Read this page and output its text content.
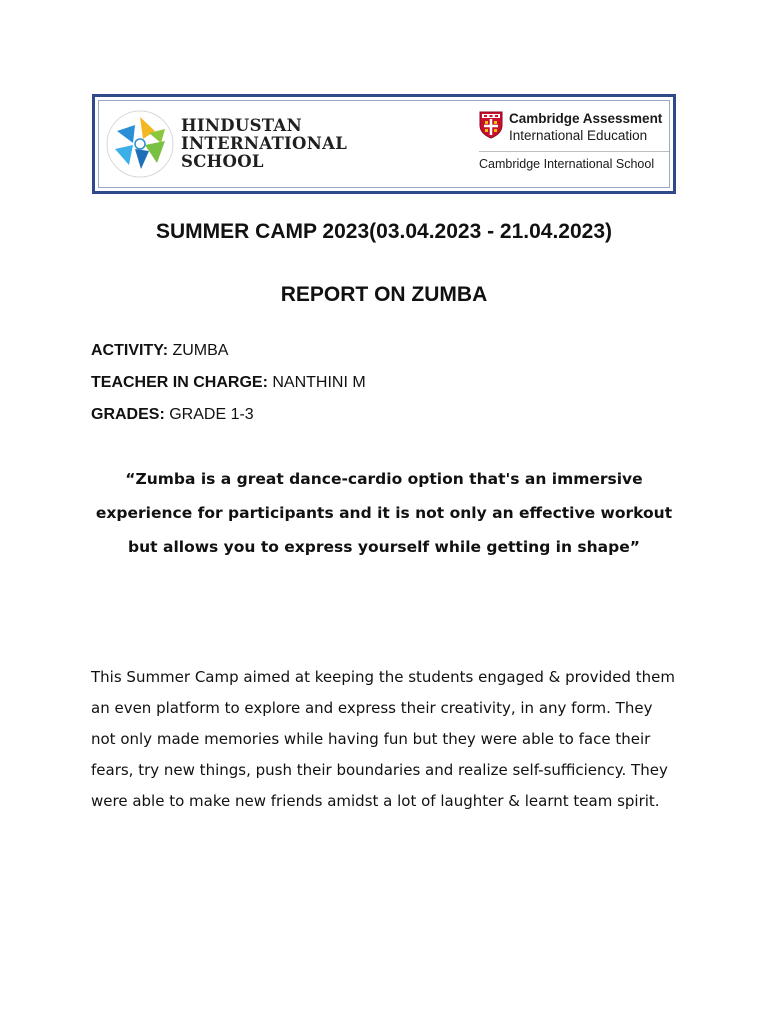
HINDUSTAN
INTERNATIONAL
SCHOOL
Cambridge Assessment
International Education
Cambridge International School
SUMMER CAMP 2023(03.04.2023 - 21.04.2023)
REPORT ON ZUMBA
ACTIVITY: ZUMBA
TEACHER IN CHARGE: NANTHINI M
GRADES: GRADE 1-3
“Zumba is a great dance-cardio option that's an immersive experience for participants and it is not only an effective workout but allows you to express yourself while getting in shape”
This Summer Camp aimed at keeping the students engaged & provided them an even platform to explore and express their creativity, in any form. They not only made memories while having fun but they were able to face their fears, try new things, push their boundaries and realize self-sufficiency. They were able to make new friends amidst a lot of laughter & learnt team spirit.
